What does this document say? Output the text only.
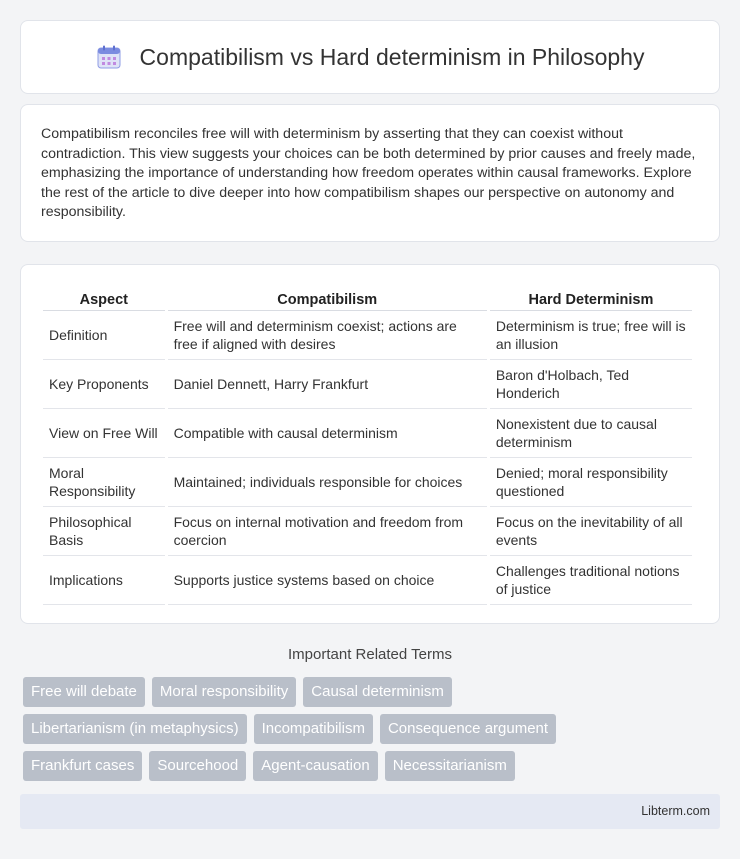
Compatibilism vs Hard determinism in Philosophy

Compatibilism reconciles free will with determinism by asserting that they can coexist without contradiction. This view suggests your choices can be both determined by prior causes and freely made, emphasizing the importance of understanding how freedom operates within causal frameworks. Explore the rest of the article to dive deeper into how compatibilism shapes our perspective on autonomy and responsibility.

Aspect	Compatibilism	Hard Determinism
Definition	Free will and determinism coexist; actions are free if aligned with desires	Determinism is true; free will is an illusion
Key Proponents	Daniel Dennett, Harry Frankfurt	Baron d'Holbach, Ted Honderich
View on Free Will	Compatible with causal determinism	Nonexistent due to causal determinism
Moral Responsibility	Maintained; individuals responsible for choices	Denied; moral responsibility questioned
Philosophical Basis	Focus on internal motivation and freedom from coercion	Focus on the inevitability of all events
Implications	Supports justice systems based on choice	Challenges traditional notions of justice
Important Related Terms
Free will debate	Moral responsibility	Causal determinism
Libertarianism (in metaphysics)	Incompatibilism	Consequence argument
Frankfurt cases	Sourcehood	Agent-causation	Necessitarianism
Libterm.com
